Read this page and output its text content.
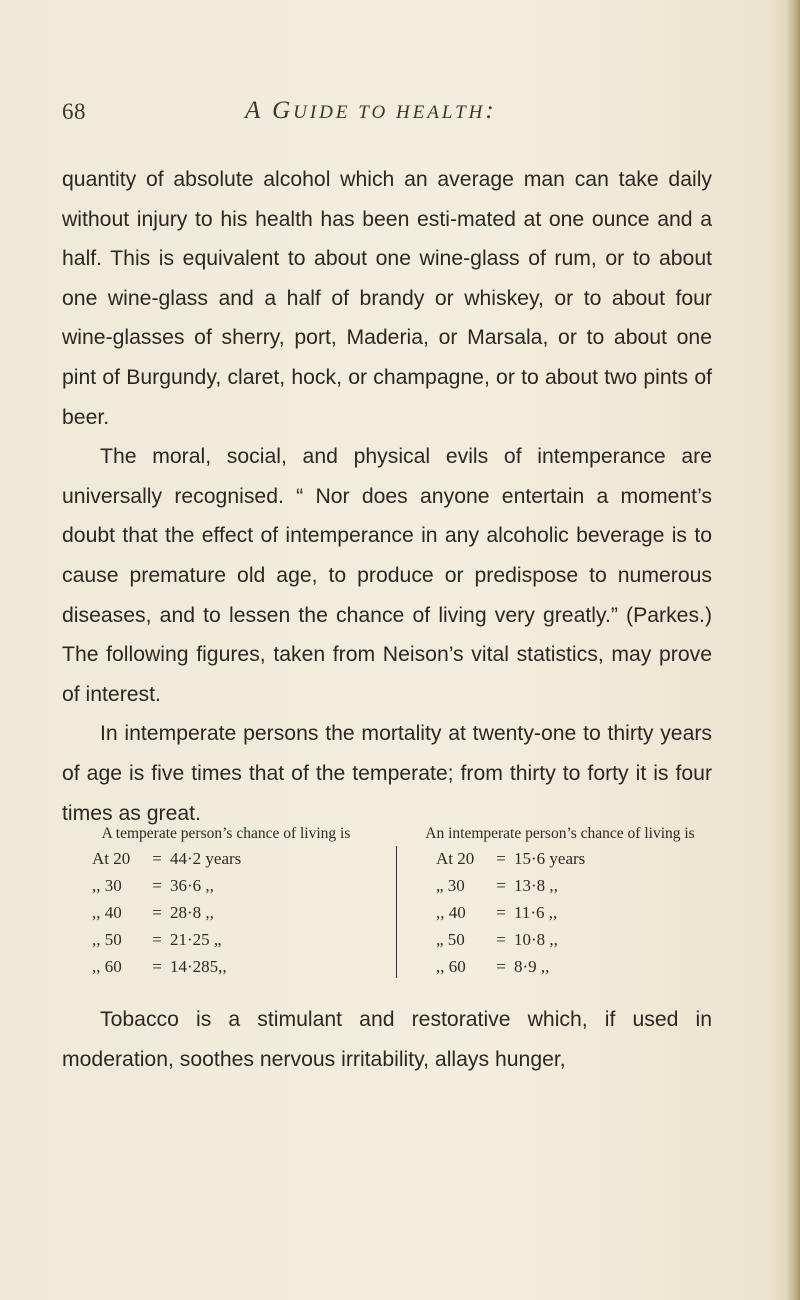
68	A GUIDE TO HEALTH:

quantity of absolute alcohol which an average man can take daily without injury to his health has been esti-mated at one ounce and a half. This is equivalent to about one wine-glass of rum, or to about one wine-glass and a half of brandy or whiskey, or to about four wine-glasses of sherry, port, Maderia, or Marsala, or to about one pint of Burgundy, claret, hock, or champagne, or to about two pints of beer.

The moral, social, and physical evils of intemperance are universally recognised. “ Nor does anyone entertain a moment’s doubt that the effect of intemperance in any alcoholic beverage is to cause premature old age, to produce or predispose to numerous diseases, and to lessen the chance of living very greatly.” (Parkes.) The following figures, taken from Neison’s vital statistics, may prove of interest.

In intemperate persons the mortality at twenty-one to thirty years of age is five times that of the temperate; from thirty to forty it is four times as great.

A temperate person’s chance of living is
At 20 = 44·2 years
,, 30 = 36·6 ,,
,, 40 = 28·8 ,,
,, 50 = 21·25 „
,, 60 = 14·285,,
An intemperate person’s chance of living is
At 20 = 15·6 years
„ 30 = 13·8 ,,
,, 40 = 11·6 ,,
„ 50 = 10·8 ,,
,, 60 = 8·9 ,,

Tobacco is a stimulant and restorative which, if used in moderation, soothes nervous irritability, allays hunger,
